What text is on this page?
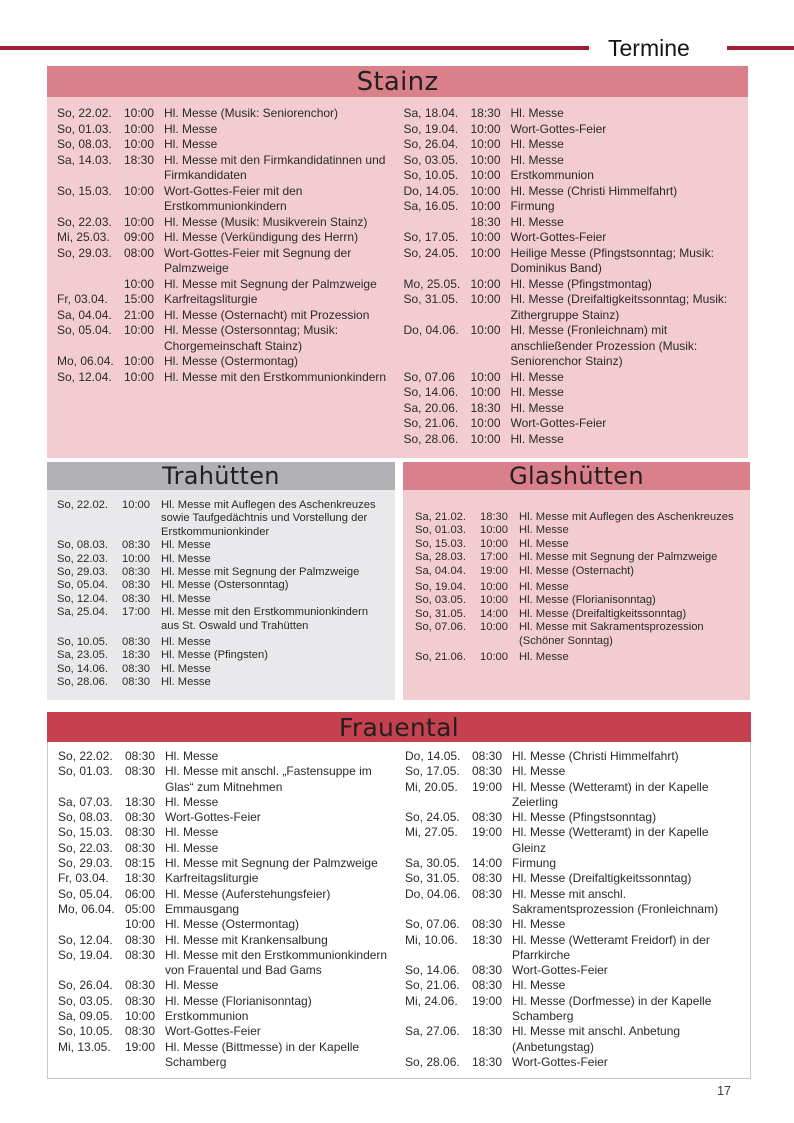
Termine
Stainz
So, 22.02.	10:00 Hl. Messe (Musik: Seniorenchor)
So, 01.03.	10:00 Hl. Messe
So, 08.03.	10:00 Hl. Messe
Sa, 14.03.	18:30 Hl. Messe mit den Firmkandidatinnen und Firmkandidaten
So, 15.03.	10:00 Wort-Gottes-Feier mit den Erstkommunionkindern
So, 22.03.	10:00 Hl. Messe (Musik: Musikverein Stainz)
Mi, 25.03.	09:00 Hl. Messe (Verkündigung des Herrn)
So, 29.03.	08:00 Wort-Gottes-Feier mit Segnung der Palmzweige
10:00 Hl. Messe mit Segnung der Palmzweige
Fr, 03.04.	15:00 Karfreitagsliturgie
Sa, 04.04.	21:00 Hl. Messe (Osternacht) mit Prozession
So, 05.04.	10:00 Hl. Messe (Ostersonntag; Musik: Chorgemeinschaft Stainz)
Mo, 06.04. 10:00 Hl. Messe (Ostermontag)
So, 12.04.	10:00 Hl. Messe mit den Erstkommunionkindern
Sa, 18.04.	18:30 Hl. Messe
So, 19.04.	10:00 Wort-Gottes-Feier
So, 26.04.	10:00 Hl. Messe
So, 03.05.	10:00 Hl. Messe
So, 10.05.	10:00 Erstkommunion
Do, 14.05. 10:00 Hl. Messe (Christi Himmelfahrt)
Sa, 16.05.	10:00 Firmung
18:30 Hl. Messe
So, 17.05.	10:00 Wort-Gottes-Feier
So, 24.05.	10:00 Heilige Messe (Pfingstsonntag; Musik: Dominikus Band)
Mo, 25.05. 10:00 Hl. Messe (Pfingstmontag)
So, 31.05.	10:00 Hl. Messe (Dreifaltigkeitssonntag; Musik: Zithergruppe Stainz)
Do, 04.06. 10:00 Hl. Messe (Fronleichnam) mit anschließender Prozession (Musik: Seniorenchor Stainz)
So, 07.06	10:00 Hl. Messe
So, 14.06.	10:00 Hl. Messe
Sa, 20.06.	18:30 Hl. Messe
So, 21.06.	10:00 Wort-Gottes-Feier
So, 28.06.	10:00 Hl. Messe
Trahütten
So, 22.02.	10:00 Hl. Messe mit Auflegen des Aschenkreuzes sowie Taufgedächtnis und Vorstellung der Erstkommunionkinder
So, 08.03.	08:30 Hl. Messe
So, 22.03.	10:00 Hl. Messe
So, 29.03.	08:30 Hl. Messe mit Segnung der Palmzweige
So, 05.04.	08:30 Hl. Messe (Ostersonntag)
So, 12.04.	08:30 Hl. Messe
Sa, 25.04.	17:00 Hl. Messe mit den Erstkommunionkindern aus St. Oswald und Trahütten
So, 10.05.	08:30 Hl. Messe
Sa, 23.05.	18:30 Hl. Messe (Pfingsten)
So, 14.06.	08:30 Hl. Messe
So, 28.06.	08:30 Hl. Messe
Glashütten
Sa, 21.02.	18:30 Hl. Messe mit Auflegen des Aschenkreuzes
So, 01.03.	10:00 Hl. Messe
So, 15.03.	10:00 Hl. Messe
Sa, 28.03.	17:00 Hl. Messe mit Segnung der Palmzweige
Sa, 04.04.	19:00 Hl. Messe (Osternacht)
So, 19.04.	10:00 Hl. Messe
So, 03.05.	10:00 Hl. Messe (Florianisonntag)
So, 31.05.	14:00 Hl. Messe (Dreifaltigkeitssonntag)
So, 07.06.	10:00 Hl. Messe mit Sakramentsprozession (Schöner Sonntag)
So, 21.06.	10:00 Hl. Messe
Frauental
So, 22.02.	08:30 Hl. Messe
So, 01.03.	08:30 Hl. Messe mit anschl. „Fastensuppe im Glas“ zum Mitnehmen
Sa, 07.03.	18:30 Hl. Messe
So, 08.03.	08:30 Wort-Gottes-Feier
So, 15.03.	08:30 Hl. Messe
So, 22.03.	08:30 Hl. Messe
So, 29.03.	08:15 Hl. Messe mit Segnung der Palmzweige
Fr, 03.04.	18:30 Karfreitagsliturgie
So, 05.04.	06:00 Hl. Messe (Auferstehungsfeier)
Mo, 06.04. 05:00 Emmausgang
10:00 Hl. Messe (Ostermontag)
So, 12.04.	08:30 Hl. Messe mit Krankensalbung
So, 19.04.	08:30 Hl. Messe mit den Erstkommunionkindern von Frauental und Bad Gams
So, 26.04.	08:30 Hl. Messe
So, 03.05.	08:30 Hl. Messe (Florianisonntag)
Sa, 09.05.	10:00 Erstkommunion
So, 10.05.	08:30 Wort-Gottes-Feier
Mi, 13.05.	19:00 Hl. Messe (Bittmesse) in der Kapelle Schamberg
Do, 14.05. 08:30 Hl. Messe (Christi Himmelfahrt)
So, 17.05.	08:30 Hl. Messe
Mi, 20.05.	19:00 Hl. Messe (Wetteramt) in der Kapelle Zeierling
So, 24.05.	08:30 Hl. Messe (Pfingstsonntag)
Mi, 27.05.	19:00 Hl. Messe (Wetteramt) in der Kapelle Gleinz
Sa, 30.05.	14:00 Firmung
So, 31.05.	08:30 Hl. Messe (Dreifaltigkeitssonntag)
Do, 04.06. 08:30 Hl. Messe mit anschl. Sakramentsprozession (Fronleichnam)
So, 07.06.	08:30 Hl. Messe
Mi, 10.06.	18:30 Hl. Messe (Wetteramt Freidorf) in der Pfarrkirche
So, 14.06.	08:30 Wort-Gottes-Feier
So, 21.06.	08:30 Hl. Messe
Mi, 24.06.	19:00 Hl. Messe (Dorfmesse) in der Kapelle Schamberg
Sa, 27.06.	18:30 Hl. Messe mit anschl. Anbetung (Anbetungstag)
So, 28.06.	18:30 Wort-Gottes-Feier
17
